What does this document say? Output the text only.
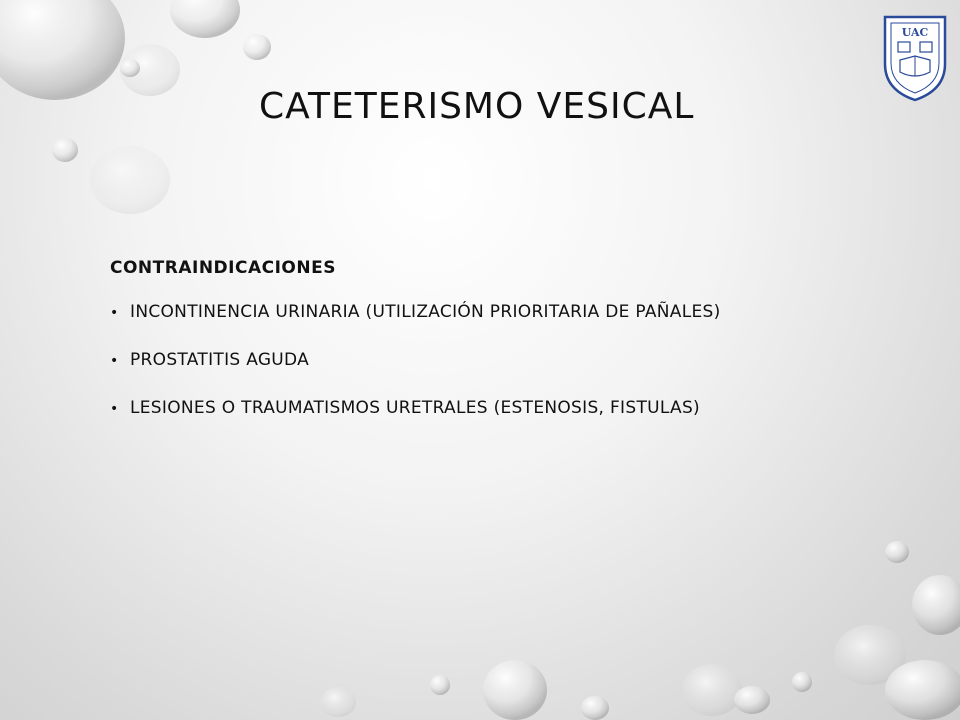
CATETERISMO VESICAL
UAC

CONTRAINDICACIONES

• INCONTINENCIA URINARIA (UTILIZACIÓN PRIORITARIA DE PAÑALES)
• PROSTATITIS AGUDA
• LESIONES O TRAUMATISMOS URETRALES (ESTENOSIS, FISTULAS)
